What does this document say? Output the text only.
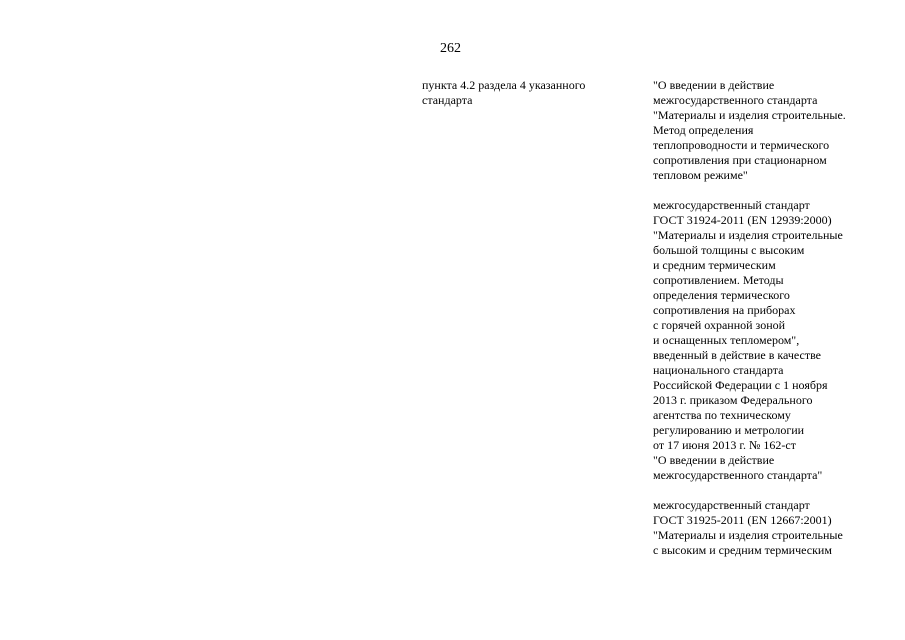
262
пункта 4.2 раздела 4 указанного
стандарта
"О введении в действие
межгосударственного стандарта
"Материалы и изделия строительные.
Метод определения
теплопроводности и термического
сопротивления при стационарном
тепловом режиме"
межгосударственный стандарт
ГОСТ 31924-2011 (EN 12939:2000)
"Материалы и изделия строительные
большой толщины с высоким
и средним термическим
сопротивлением. Методы
определения термического
сопротивления на приборах
с горячей охранной зоной
и оснащенных тепломером",
введенный в действие в качестве
национального стандарта
Российской Федерации с 1 ноября
2013 г. приказом Федерального
агентства по техническому
регулированию и метрологии
от 17 июня 2013 г. № 162-ст
"О введении в действие
межгосударственного стандарта"
межгосударственный стандарт
ГОСТ 31925-2011 (EN 12667:2001)
"Материалы и изделия строительные
с высоким и средним термическим
